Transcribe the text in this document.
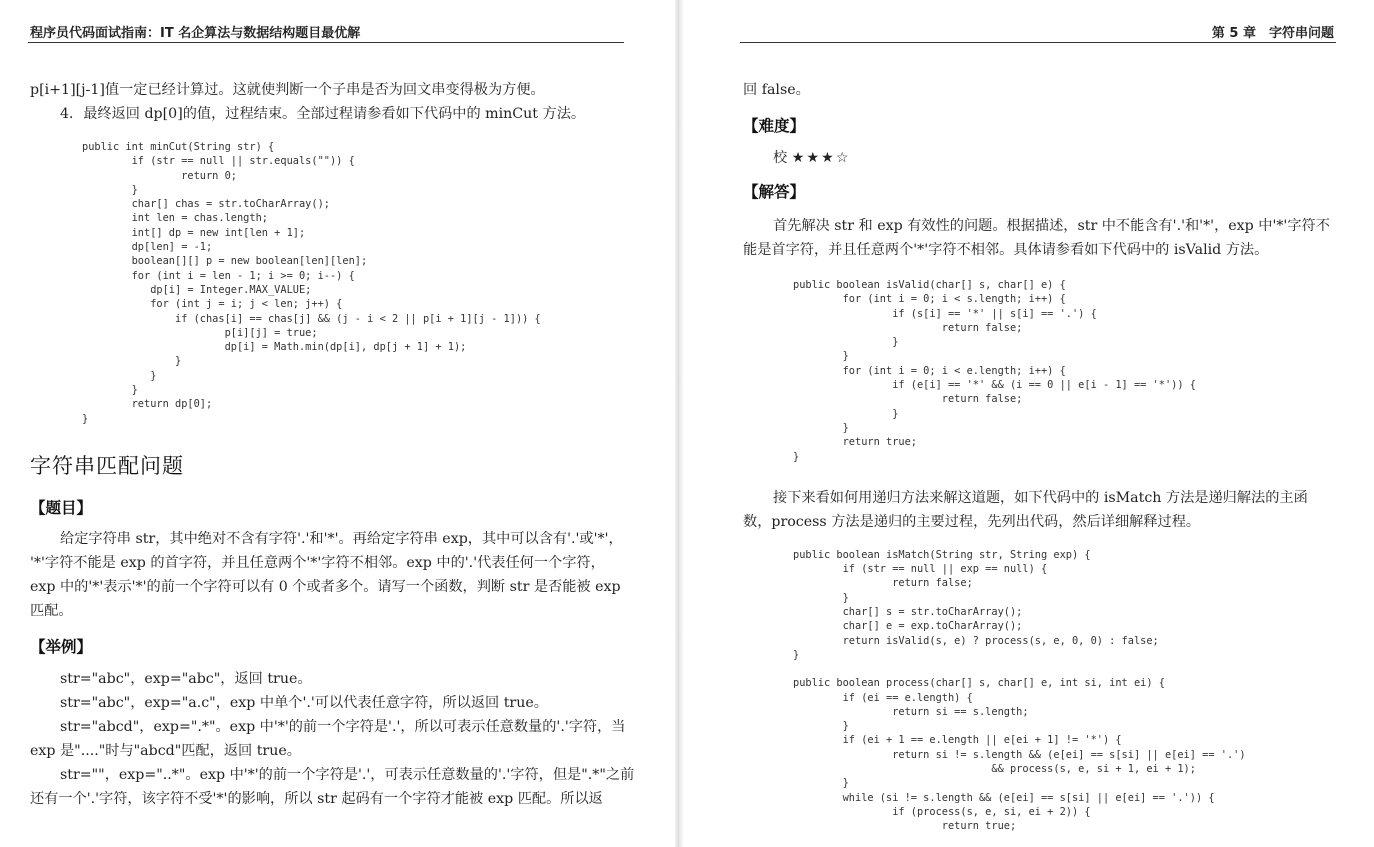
程序员代码面试指南：IT 名企算法与数据结构题目最优解

p[i+1][j-1]值一定已经计算过。这就使判断一个子串是否为回文串变得极为方便。

4．最终返回 dp[0]的值，过程结束。全部过程请参看如下代码中的 minCut 方法。

public int minCut(String str) {
if (str == null || str.equals("")) {
return 0;
}
char[] chas = str.toCharArray();
int len = chas.length;
int[] dp = new int[len + 1];
dp[len] = -1;
boolean[][] p = new boolean[len][len];
for (int i = len - 1; i >= 0; i--) {
dp[i] = Integer.MAX_VALUE;
for (int j = i; j < len; j++) {
if (chas[i] == chas[j] && (j - i < 2 || p[i + 1][j - 1])) {
p[i][j] = true;
dp[i] = Math.min(dp[i], dp[j + 1] + 1);
}
}
}
return dp[0];
}
字符串匹配问题
【题目】

给定字符串 str，其中绝对不含有字符'.'和'*'。再给定字符串 exp，其中可以含有'.'或'*'，

'*'字符不能是 exp 的首字符，并且任意两个'*'字符不相邻。exp 中的'.'代表任何一个字符，

exp 中的'*'表示'*'的前一个字符可以有 0 个或者多个。请写一个函数，判断 str 是否能被 exp

匹配。

【举例】

str="abc"，exp="abc"，返回 true。

str="abc"，exp="a.c"，exp 中单个'.'可以代表任意字符，所以返回 true。

str="abcd"，exp=".*"。exp 中'*'的前一个字符是'.'，所以可表示任意数量的'.'字符，当

exp 是"...."时与"abcd"匹配，返回 true。

str=""，exp="..*"。exp 中'*'的前一个字符是'.'，可表示任意数量的'.'字符，但是".*"之前

还有一个'.'字符，该字符不受'*'的影响，所以 str 起码有一个字符才能被 exp 匹配。所以返

第 5 章　字符串问题

回 false。

【难度】

校 ★★★☆

【解答】

首先解决 str 和 exp 有效性的问题。根据描述，str 中不能含有'.'和'*'，exp 中'*'字符不

能是首字符，并且任意两个'*'字符不相邻。具体请参看如下代码中的 isValid 方法。

public boolean isValid(char[] s, char[] e) {
for (int i = 0; i < s.length; i++) {
if (s[i] == '*' || s[i] == '.') {
return false;
}
}
for (int i = 0; i < e.length; i++) {
if (e[i] == '*' && (i == 0 || e[i - 1] == '*')) {
return false;
}
}
return true;
}

接下来看如何用递归方法来解这道题，如下代码中的 isMatch 方法是递归解法的主函

数，process 方法是递归的主要过程，先列出代码，然后详细解释过程。

public boolean isMatch(String str, String exp) {
if (str == null || exp == null) {
return false;
}
char[] s = str.toCharArray();
char[] e = exp.toCharArray();
return isValid(s, e) ? process(s, e, 0, 0) : false;
}
public boolean process(char[] s, char[] e, int si, int ei) {
if (ei == e.length) {
return si == s.length;
}
if (ei + 1 == e.length || e[ei + 1] != '*') {
return si != s.length && (e[ei] == s[si] || e[ei] == '.')
&& process(s, e, si + 1, ei + 1);
}
while (si != s.length && (e[ei] == s[si] || e[ei] == '.')) {
if (process(s, e, si, ei + 2)) {
return true;
